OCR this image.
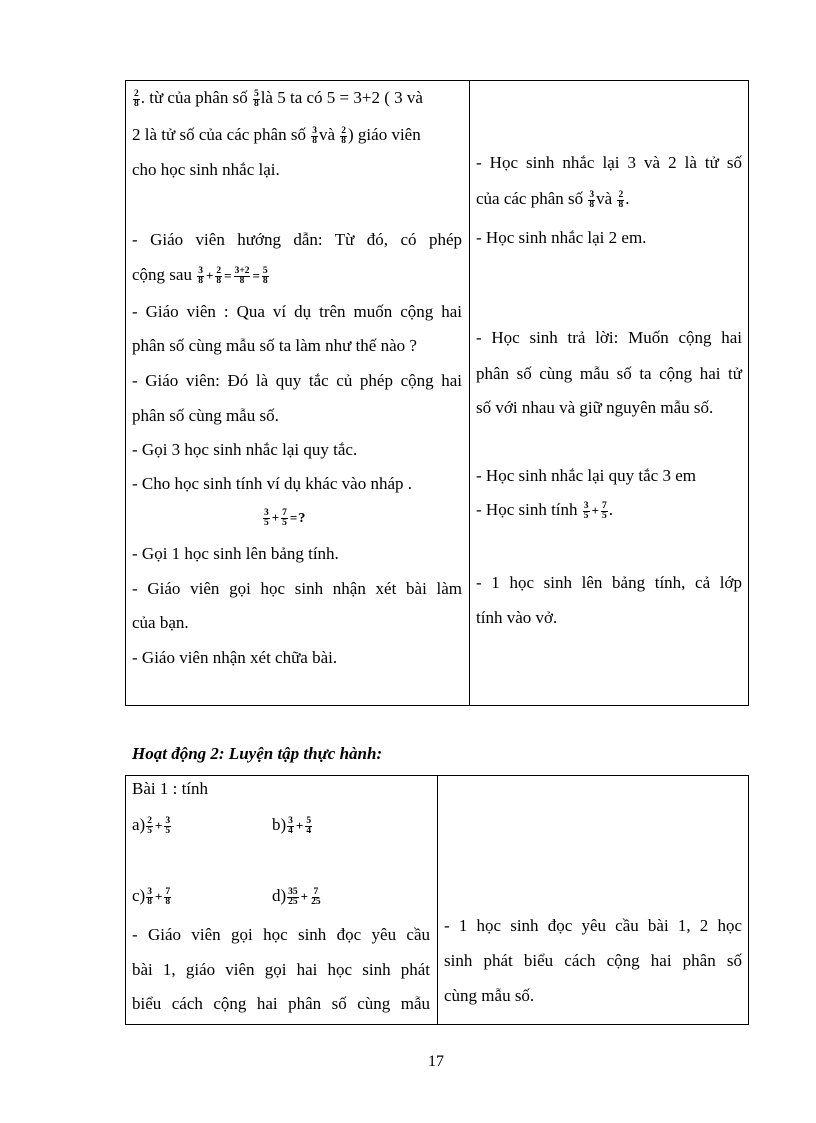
$\frac{2}{8}$ . từ của phân số $\frac{5}{8}$ là 5 ta có 5 = 3+2 ( 3 và
2 là tử số của các phân số $\frac{3}{8}$ và $\frac{2}{8}$ ) giáo viên
cho học sinh nhắc lại.
- Giáo viên hướng dẫn: Từ đó, có phép
cộng sau $\frac{3}{8} + \frac{2}{8} = \frac{3+2}{8} = \frac{5}{8}$
- Giáo viên : Qua ví dụ trên muốn cộng hai
phân số cùng mẫu số ta làm như thế nào ?
- Giáo viên: Đó là quy tắc củ phép cộng hai
phân số cùng mẫu số.
- Gọi 3 học sinh nhắc lại quy tắc.
- Cho học sinh tính ví dụ khác vào nháp .
$\frac{3}{5} + \frac{7}{5}$ =?
- Gọi 1 học sinh lên bảng tính.
- Giáo viên gọi học sinh nhận xét bài làm
của bạn.
- Giáo viên nhận xét chữa bài.
- Học sinh nhắc lại 3 và 2 là tử số
của các phân số $\frac{3}{8}$ và $\frac{2}{8}$ .
- Học sinh nhắc lại 2 em.
- Học sinh trả lời: Muốn cộng hai
phân số cùng mẫu số ta cộng hai tử
số với nhau và giữ nguyên mẫu số.
- Học sinh nhắc lại quy tắc 3 em
- Học sinh tính $\frac{3}{5} + \frac{7}{5}$ .
- 1 học sinh lên bảng tính, cả lớp
tính vào vở.
Hoạt động 2: Luyện tập thực hành:
Bài 1 : tính
$a) \frac{2}{5} + \frac{3}{5}$	$b) \frac{3}{4} + \frac{5}{4}$
$c) \frac{3}{8} + \frac{7}{8}$	$d) \frac{35}{25} + \frac{7}{25}$
- Giáo viên gọi học sinh đọc yêu cầu
bài 1, giáo viên gọi hai học sinh phát
biểu cách cộng hai phân số cùng mẫu
- 1 học sinh đọc yêu cầu bài 1, 2 học
sinh phát biểu cách cộng hai phân số
cùng mẫu số.
17
